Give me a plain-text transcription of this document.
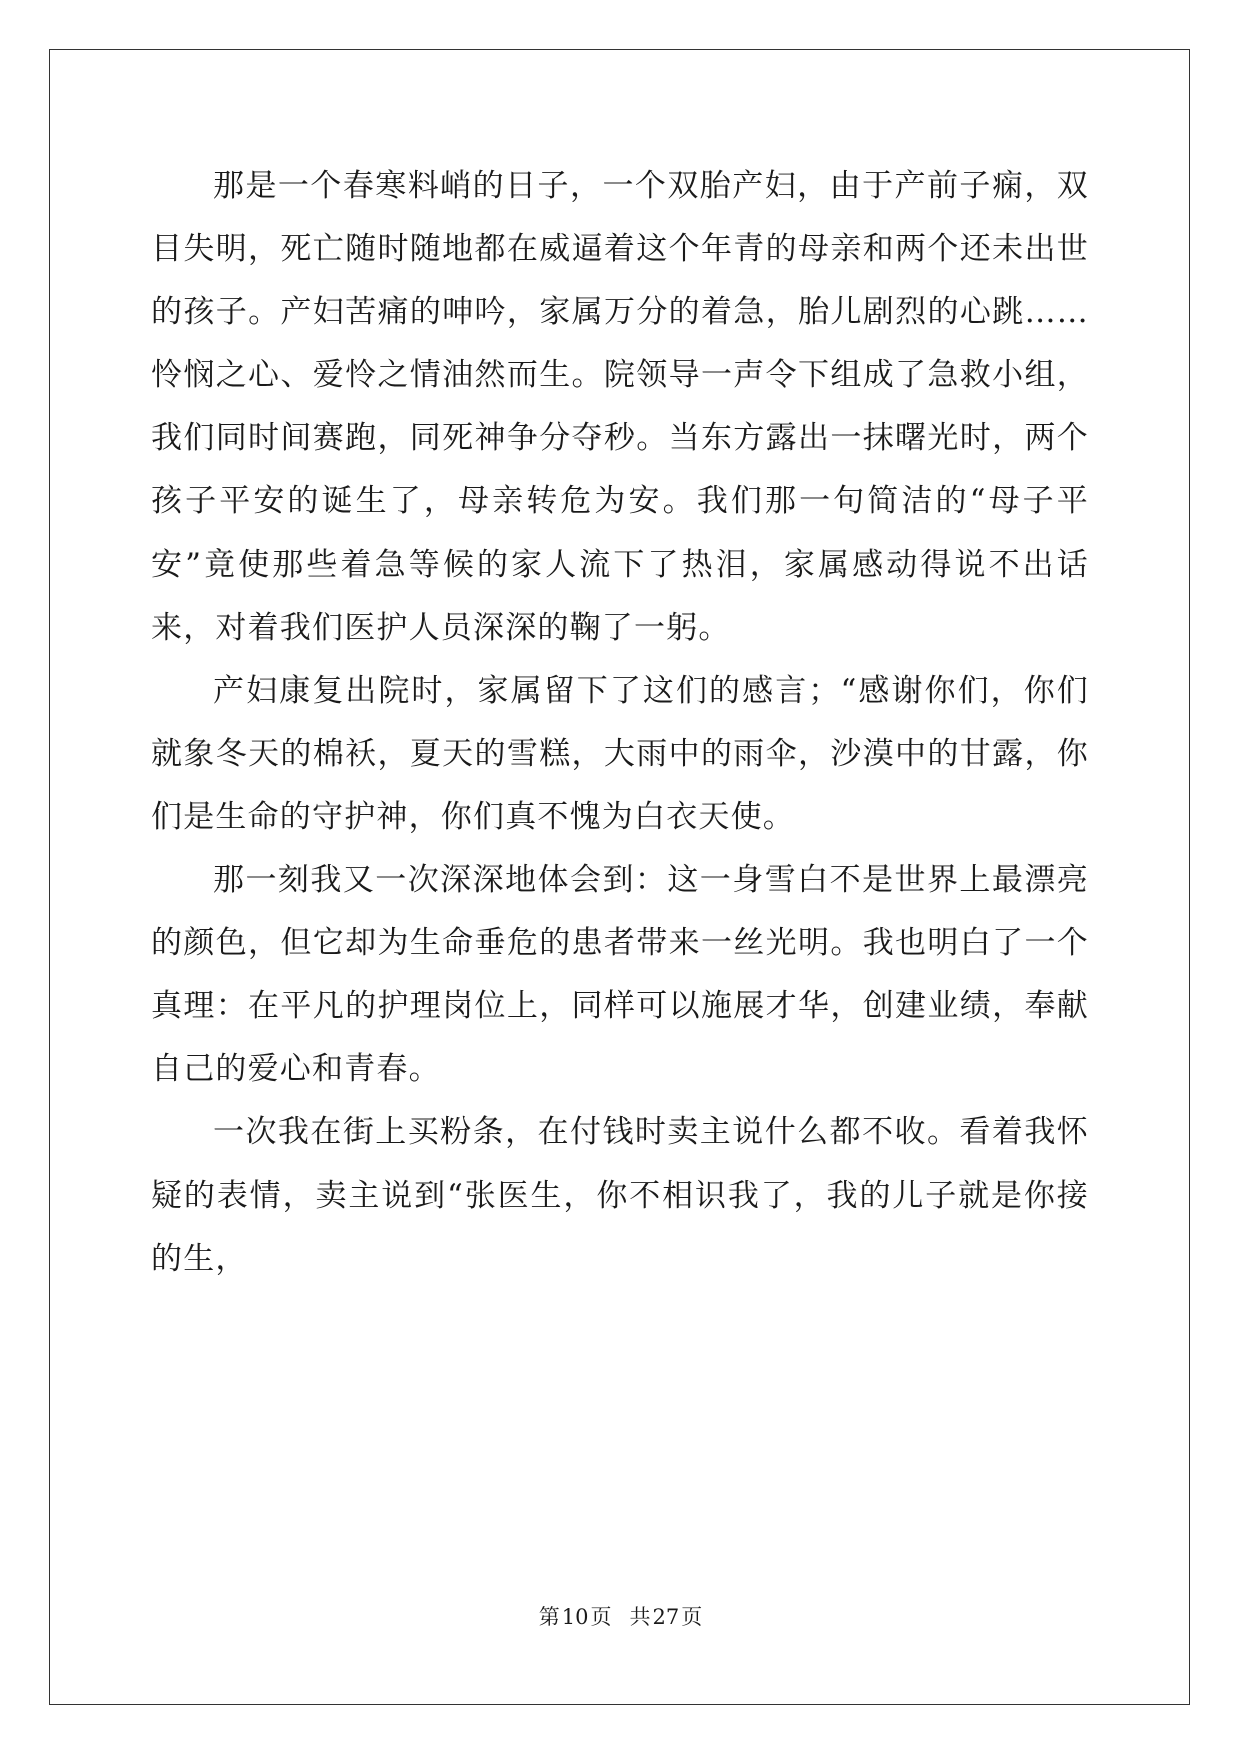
那是一个春寒料峭的日子，一个双胎产妇，由于产前子痫，双目失明，死亡随时随地都在威逼着这个年青的母亲和两个还未出世的孩子。产妇苦痛的呻吟，家属万分的着急，胎儿剧烈的心跳……怜悯之心、爱怜之情油然而生。院领导一声令下组成了急救小组，我们同时间赛跑，同死神争分夺秒。当东方露出一抹曙光时，两个孩子平安的诞生了，母亲转危为安。我们那一句简洁的“母子平安”竟使那些着急等候的家人流下了热泪，家属感动得说不出话来，对着我们医护人员深深的鞠了一躬。

产妇康复出院时，家属留下了这们的感言；“感谢你们，你们就象冬天的棉袄，夏天的雪糕，大雨中的雨伞，沙漠中的甘露，你们是生命的守护神，你们真不愧为白衣天使。

那一刻我又一次深深地体会到：这一身雪白不是世界上最漂亮的颜色，但它却为生命垂危的患者带来一丝光明。我也明白了一个真理：在平凡的护理岗位上，同样可以施展才华，创建业绩，奉献自己的爱心和青春。

一次我在街上买粉条，在付钱时卖主说什么都不收。看着我怀疑的表情，卖主说到“张医生，你不相识我了，我的儿子就是你接的生，

第10页 共27页
